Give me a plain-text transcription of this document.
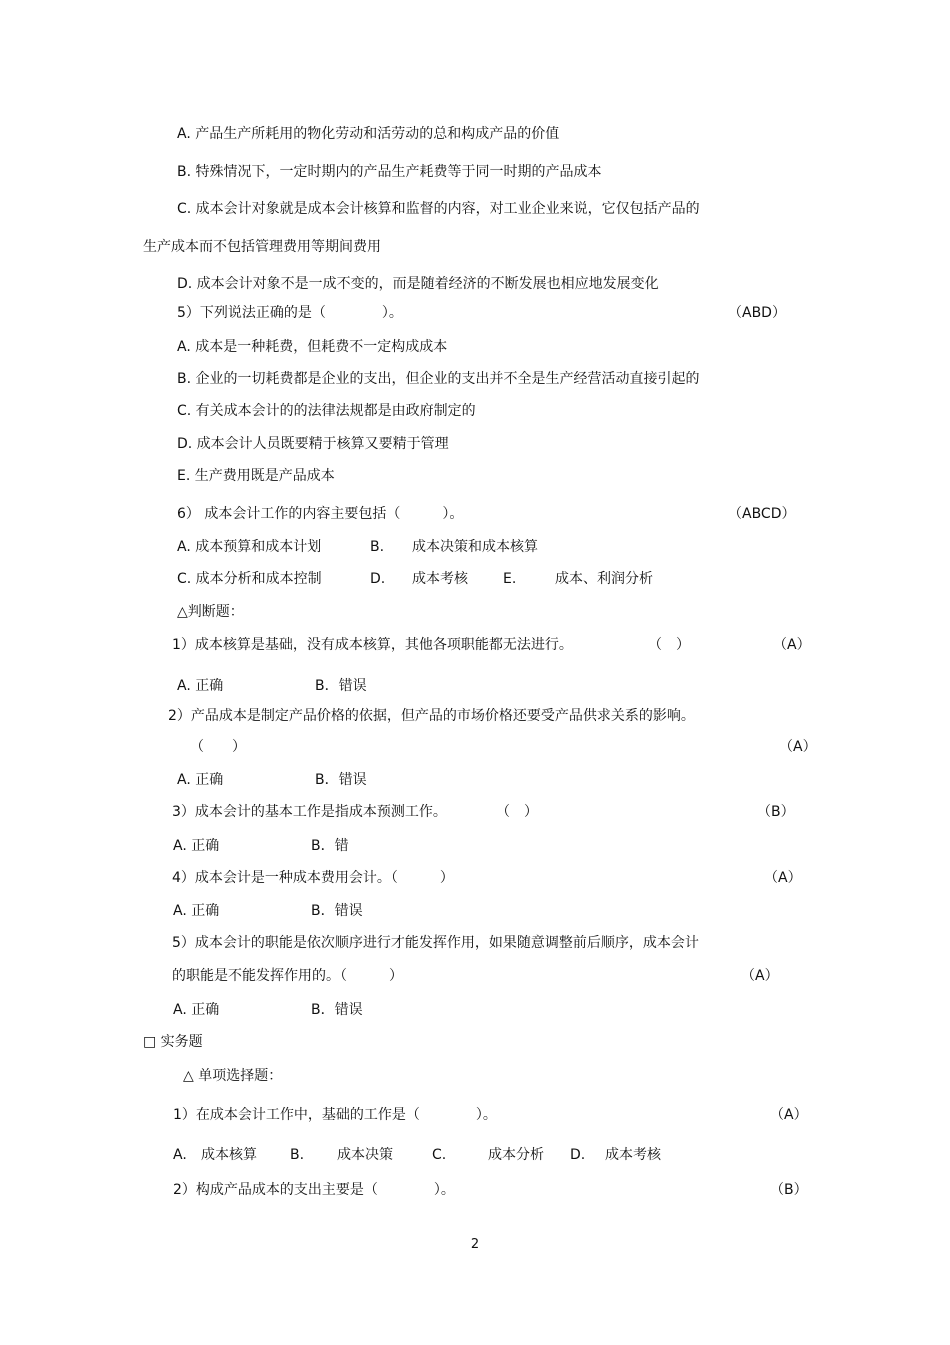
A. 产品生产所耗用的物化劳动和活劳动的总和构成产品的价值
B. 特殊情况下，一定时期内的产品生产耗费等于同一时期的产品成本
C. 成本会计对象就是成本会计核算和监督的内容，对工业企业来说，它仅包括产品的
生产成本而不包括管理费用等期间费用
D. 成本会计对象不是一成不变的，而是随着经济的不断发展也相应地发展变化
5）下列说法正确的是（　　　　）。	（ABD）
A. 成本是一种耗费，但耗费不一定构成成本
B. 企业的一切耗费都是企业的支出，但企业的支出并不全是生产经营活动直接引起的
C. 有关成本会计的的法律法规都是由政府制定的
D. 成本会计人员既要精于核算又要精于管理
E. 生产费用既是产品成本
6） 成本会计工作的内容主要包括（　　　）。	（ABCD）
A. 成本预算和成本计划	B. 成本决策和成本核算
C. 成本分析和成本控制	D. 成本考核	E.	成本、利润分析
△判断题：
1）成本核算是基础，没有成本核算，其他各项职能都无法进行。	（　）	（A）
A. 正确	B．错误
2）产品成本是制定产品价格的依据，但产品的市场价格还要受产品供求关系的影响。
（　　）	（A）
A. 正确	B．错误
3）成本会计的基本工作是指成本预测工作。	（　）	（B）
A. 正确	B．错
4）成本会计是一种成本费用会计。（　　　）	（A）
A. 正确	B．错误
5）成本会计的职能是依次顺序进行才能发挥作用，如果随意调整前后顺序，成本会计
的职能是不能发挥作用的。（　　　）	（A）
A. 正确	B．错误
□ 实务题
△ 单项选择题：
1）在成本会计工作中，基础的工作是（　　　　）。	（A）
A. 成本核算 B. 成本决策	C.	成本分析 D. 成本考核
2）构成产品成本的支出主要是（　　　　）。	（B）
2
